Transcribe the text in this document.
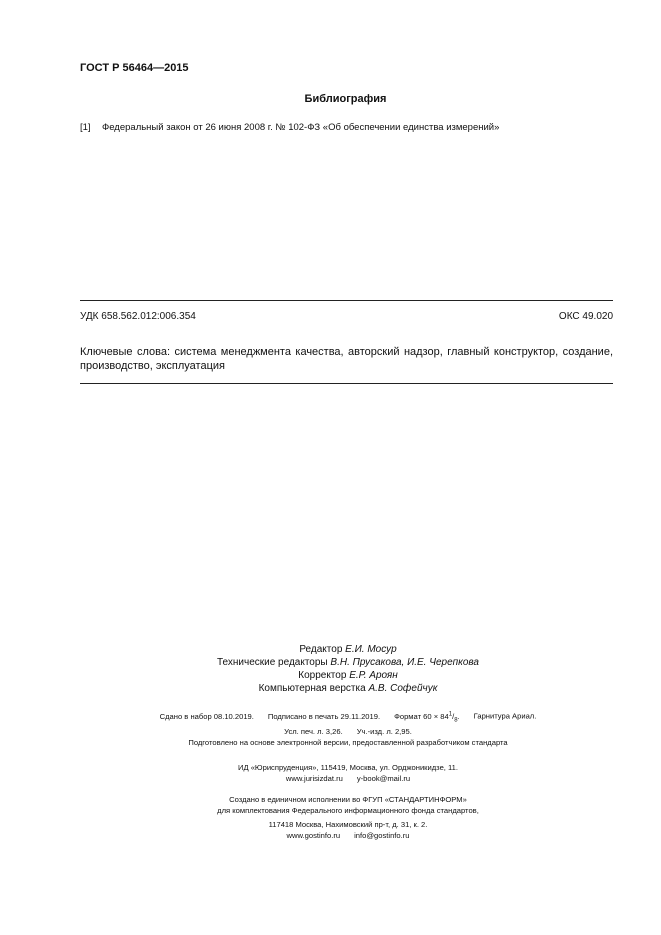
ГОСТ Р 56464—2015
Библиография
[1] Федеральный закон от 26 июня 2008 г. № 102-ФЗ «Об обеспечении единства измерений»
УДК 658.562.012:006.354	ОКС 49.020
Ключевые слова: система менеджмента качества, авторский надзор, главный конструктор, создание, производство, эксплуатация
Редактор Е.И. Мосур
Технические редакторы В.Н. Прусакова, И.Е. Черепкова
Корректор Е.Р. Ароян
Компьютерная верстка А.В. Софейчук
Сдано в набор 08.10.2019. Подписано в печать 29.11.2019. Формат $60 \times 84^1/_8$. Гарнитура Ариал.
Усл. печ. л. 3,26. Уч.-изд. л. 2,95.
Подготовлено на основе электронной версии, предоставленной разработчиком стандарта
ИД «Юриспруденция», 115419, Москва, ул. Орджоникидзе, 11.
www.jurisizdat.ru y-book@mail.ru
Создано в единичном исполнении во ФГУП «СТАНДАРТИНФОРМ»
для комплектования Федерального информационного фонда стандартов,
117418 Москва, Нахимовский пр-т, д. 31, к. 2.
www.gostinfo.ru info@gostinfo.ru
